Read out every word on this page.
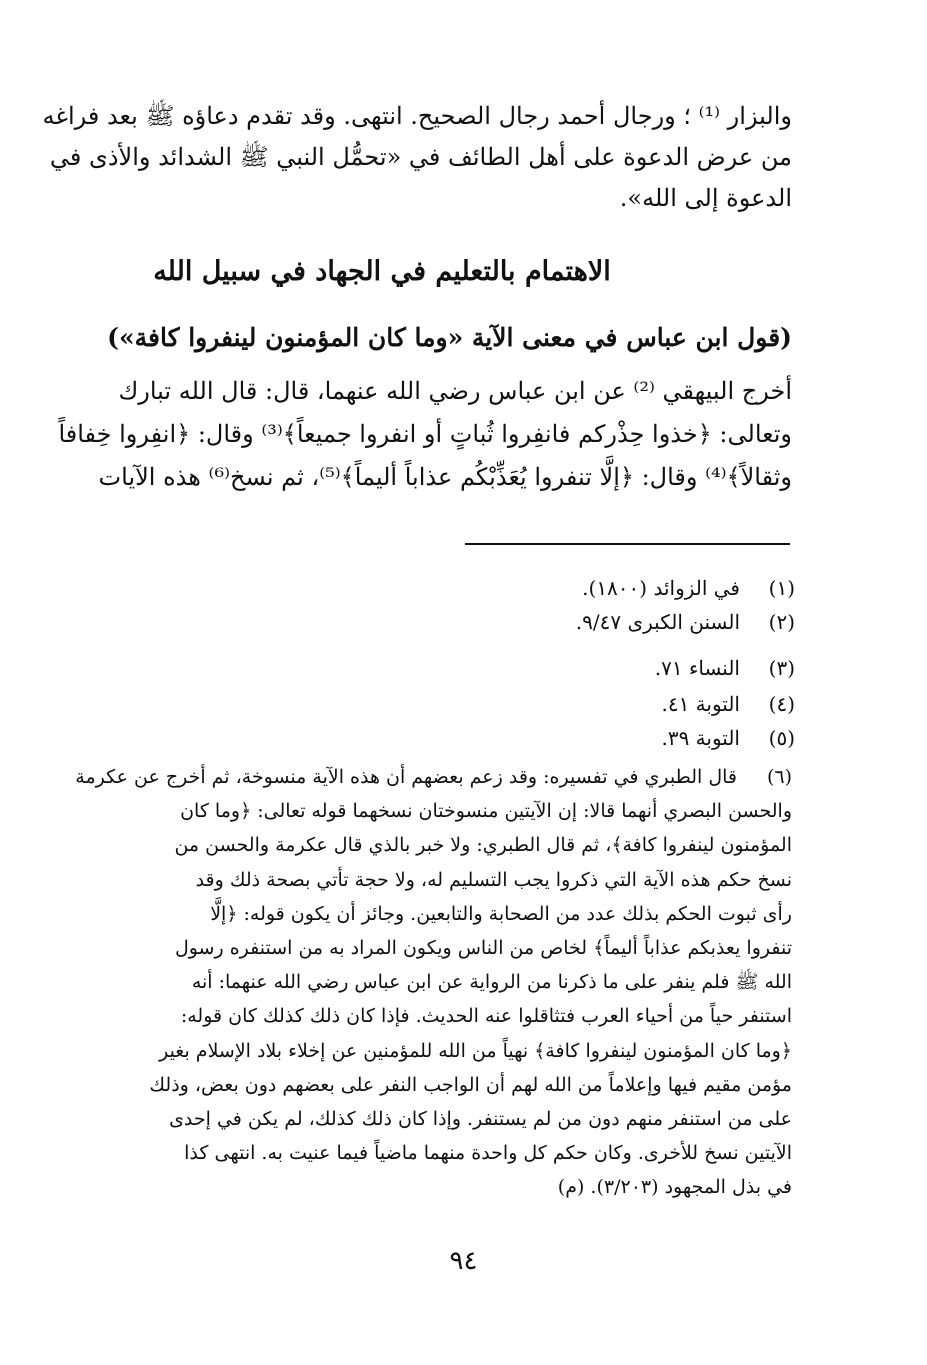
والبزار ⁽¹⁾ ؛ ورجال أحمد رجال الصحيح. انتهى. وقد تقدم دعاؤه ﷺ بعد فراغه
من عرض الدعوة على أهل الطائف في «تحمُّل النبي ﷺ الشدائد والأذى في
الدعوة إلى الله».
الاهتمام بالتعليم في الجهاد في سبيل الله
(قول ابن عباس في معنى الآية «وما كان المؤمنون لينفروا كافة»)
أخرج البيهقي ⁽²⁾ عن ابن عباس رضي الله عنهما، قال: قال الله تبارك
وتعالى: ﴿خذوا حِذْركم فانفِروا ثُباتٍ أو انفروا جميعاً﴾⁽³⁾ وقال: ﴿انفِروا خِفافاً
وثقالاً﴾⁽⁴⁾ وقال: ﴿إلَّا تنفروا يُعَذِّبْكُم عذاباً أليماً﴾⁽⁵⁾، ثم نسخ⁽⁶⁾ هذه الآيات
(١)
في الزوائد (١٨٠٠).
(٢)
السنن الكبرى ٩/٤٧.
(٣)
النساء ٧١.
(٤)
التوبة ٤١.
(٥)
التوبة ٣٩.
(٦)
قال الطبري في تفسيره: وقد زعم بعضهم أن هذه الآية منسوخة، ثم أخرج عن عكرمة
والحسن البصري أنهما قالا: إن الآيتين منسوختان نسخهما قوله تعالى: ﴿وما كان
المؤمنون لينفروا كافة﴾، ثم قال الطبري: ولا خبر بالذي قال عكرمة والحسن من
نسخ حكم هذه الآية التي ذكروا يجب التسليم له، ولا حجة تأتي بصحة ذلك وقد
رأى ثبوت الحكم بذلك عدد من الصحابة والتابعين. وجائز أن يكون قوله: ﴿إلَّا
تنفروا يعذبكم عذاباً أليماً﴾ لخاص من الناس ويكون المراد به من استنفره رسول
الله ﷺ فلم ينفر على ما ذكرنا من الرواية عن ابن عباس رضي الله عنهما: أنه
استنفر حياً من أحياء العرب فتثاقلوا عنه الحديث. فإذا كان ذلك كذلك كان قوله:
﴿وما كان المؤمنون لينفروا كافة﴾ نهياً من الله للمؤمنين عن إخلاء بلاد الإسلام بغير
مؤمن مقيم فيها وإعلاماً من الله لهم أن الواجب النفر على بعضهم دون بعض، وذلك
على من استنفر منهم دون من لم يستنفر. وإذا كان ذلك كذلك، لم يكن في إحدى
الآيتين نسخ للأخرى. وكان حكم كل واحدة منهما ماضياً فيما عنيت به. انتهى كذا
في بذل المجهود (٣/٢٠٣). (م)
٩٤
